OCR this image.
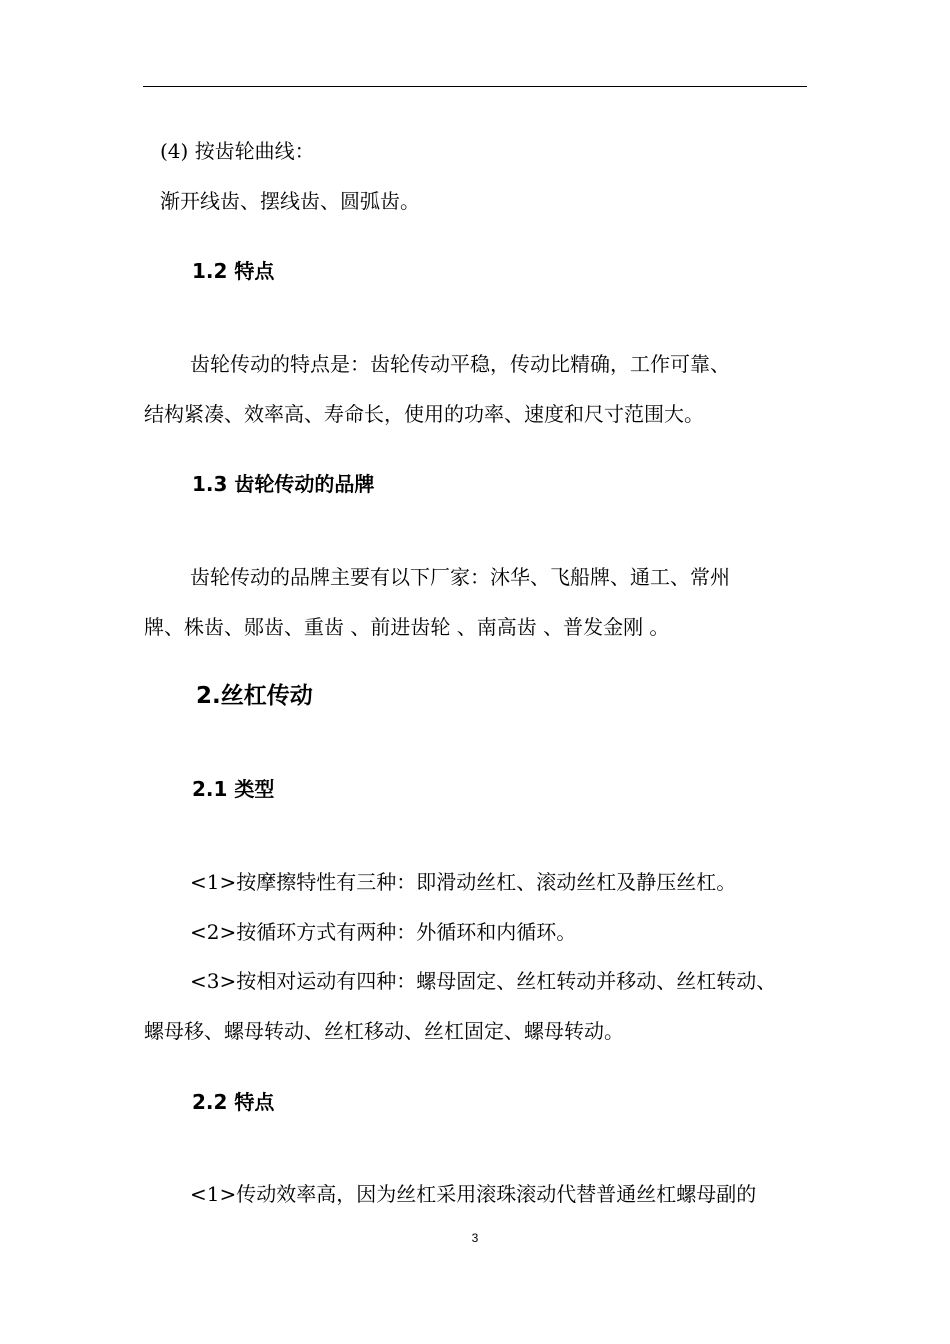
(4) 按齿轮曲线：
渐开线齿、摆线齿、圆弧齿。
1.2 特点
齿轮传动的特点是：齿轮传动平稳，传动比精确，工作可靠、
结构紧凑、效率高、寿命长，使用的功率、速度和尺寸范围大。
1.3 齿轮传动的品牌
齿轮传动的品牌主要有以下厂家：沐华、飞船牌、通工、常州
牌、株齿、郧齿、重齿 、前进齿轮 、南高齿 、普发金刚 。
2.丝杠传动
2.1 类型
<1>按摩擦特性有三种：即滑动丝杠、滚动丝杠及静压丝杠。
<2>按循环方式有两种：外循环和内循环。
<3>按相对运动有四种：螺母固定、丝杠转动并移动、丝杠转动、
螺母移、螺母转动、丝杠移动、丝杠固定、螺母转动。
2.2 特点
<1>传动效率高，因为丝杠采用滚珠滚动代替普通丝杠螺母副的
3
